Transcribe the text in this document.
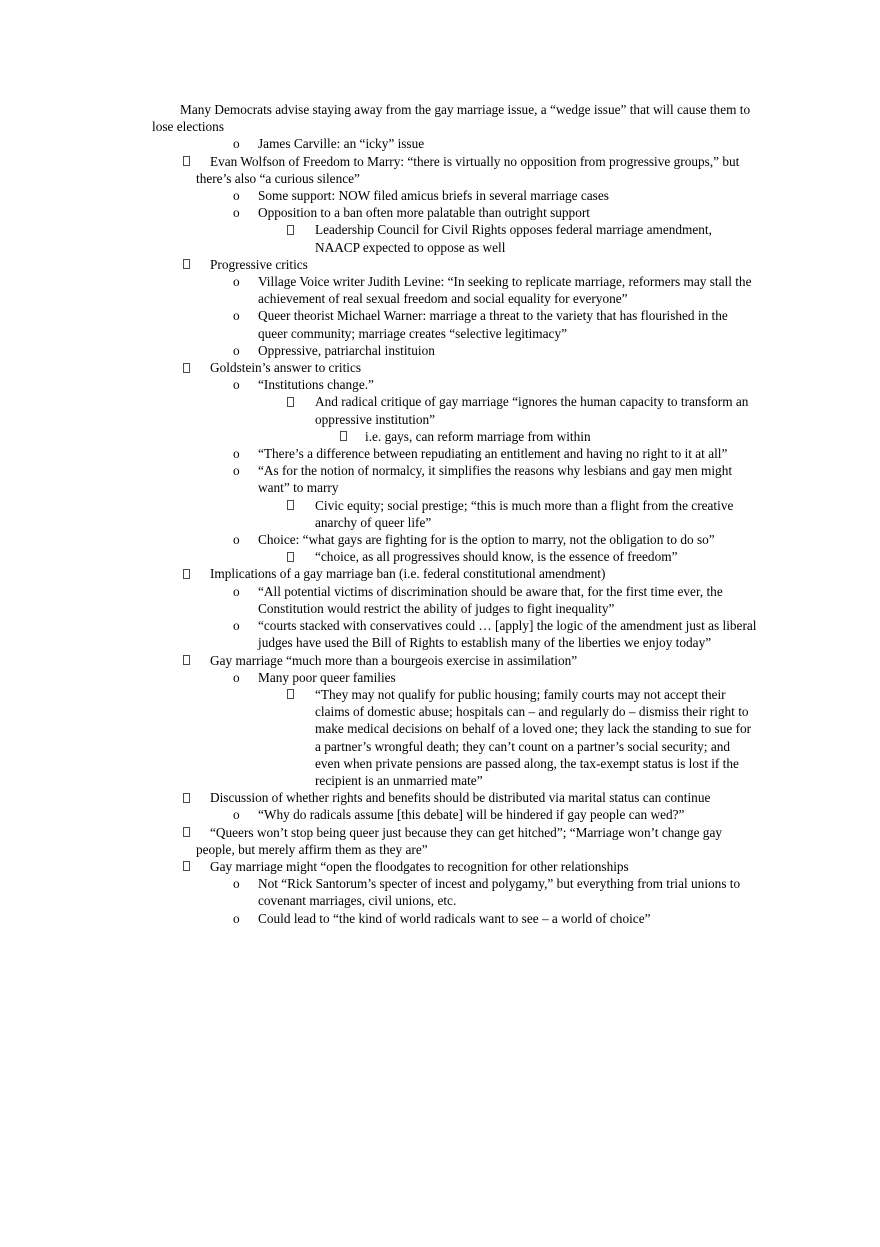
Many Democrats advise staying away from the gay marriage issue, a “wedge issue” that will cause them to lose elections
o James Carville: an “icky” issue
Evan Wolfson of Freedom to Marry: “there is virtually no opposition from progressive groups,” but there’s also “a curious silence”
o Some support: NOW filed amicus briefs in several marriage cases
o Opposition to a ban often more palatable than outright support
Leadership Council for Civil Rights opposes federal marriage amendment, NAACP expected to oppose as well
Progressive critics
o Village Voice writer Judith Levine: “In seeking to replicate marriage, reformers may stall the achievement of real sexual freedom and social equality for everyone”
o Queer theorist Michael Warner: marriage a threat to the variety that has flourished in the queer community; marriage creates “selective legitimacy”
o Oppressive, patriarchal instituion
Goldstein’s answer to critics
o “Institutions change.”
And radical critique of gay marriage “ignores the human capacity to transform an oppressive institution”
i.e. gays, can reform marriage from within
o “There’s a difference between repudiating an entitlement and having no right to it at all”
o “As for the notion of normalcy, it simplifies the reasons why lesbians and gay men might want” to marry
Civic equity; social prestige; “this is much more than a flight from the creative anarchy of queer life”
o Choice: “what gays are fighting for is the option to marry, not the obligation to do so”
“choice, as all progressives should know, is the essence of freedom”
Implications of a gay marriage ban (i.e. federal constitutional amendment)
o “All potential victims of discrimination should be aware that, for the first time ever, the Constitution would restrict the ability of judges to fight inequality”
o “courts stacked with conservatives could … [apply] the logic of the amendment just as liberal judges have used the Bill of Rights to establish many of the liberties we enjoy today”
Gay marriage “much more than a bourgeois exercise in assimilation”
o Many poor queer families
“They may not qualify for public housing; family courts may not accept their claims of domestic abuse; hospitals can – and regularly do – dismiss their right to make medical decisions on behalf of a loved one; they lack the standing to sue for a partner’s wrongful death; they can’t count on a partner’s social security; and even when private pensions are passed along, the tax-exempt status is lost if the recipient is an unmarried mate”
Discussion of whether rights and benefits should be distributed via marital status can continue
o “Why do radicals assume [this debate] will be hindered if gay people can wed?”
“Queers won’t stop being queer just because they can get hitched”; “Marriage won’t change gay people, but merely affirm them as they are”
Gay marriage might “open the floodgates to recognition for other relationships
o Not “Rick Santorum’s specter of incest and polygamy,” but everything from trial unions to covenant marriages, civil unions, etc.
o Could lead to “the kind of world radicals want to see – a world of choice”
